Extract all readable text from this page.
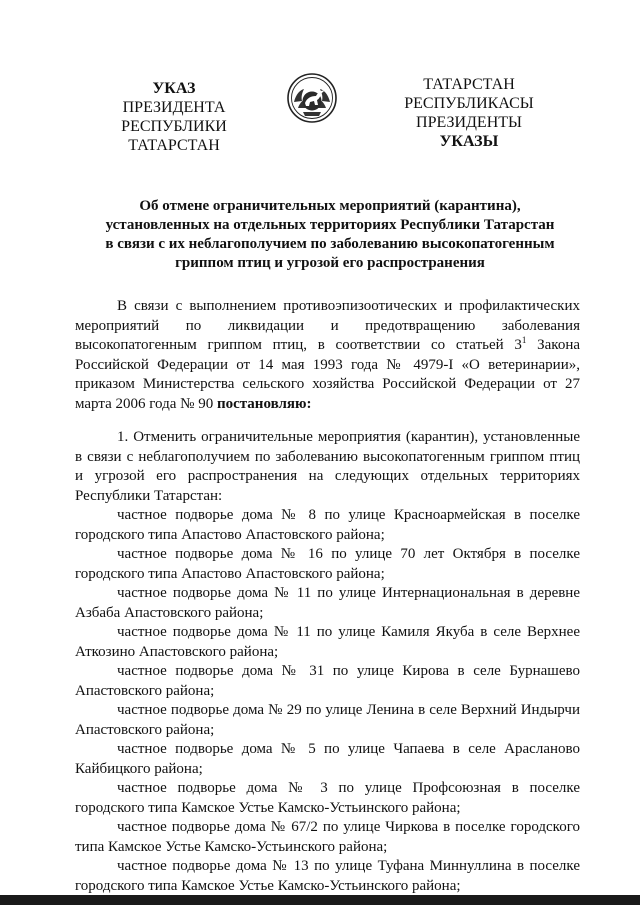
УКАЗ
ПРЕЗИДЕНТА
РЕСПУБЛИКИ ТАТАРСТАН
ТАТАРСТАН РЕСПУБЛИКАСЫ
ПРЕЗИДЕНТЫ
УКАЗЫ
Об отмене ограничительных мероприятий (карантина),
установленных на отдельных территориях Республики Татарстан
в связи с их неблагополучием по заболеванию высокопатогенным
гриппом птиц и угрозой его распространения

В связи с выполнением противоэпизоотических и профилактических мероприятий по ликвидации и предотвращению заболевания высокопатогенным гриппом птиц, в соответствии со статьей $3^1$ Закона Российской Федерации от 14 мая 1993 года № 4979-I «О ветеринарии», приказом Министерства сельского хозяйства Российской Федерации от 27 марта 2006 года № 90 постановляю:

1. Отменить ограничительные мероприятия (карантин), установленные в связи с неблагополучием по заболеванию высокопатогенным гриппом птиц и угрозой его распространения на следующих отдельных территориях Республики Татарстан:

частное подворье дома № 8 по улице Красноармейская в поселке городского типа Апастово Апастовского района;
частное подворье дома № 16 по улице 70 лет Октября в поселке городского типа Апастово Апастовского района;
частное подворье дома № 11 по улице Интернациональная в деревне Азбаба Апастовского района;
частное подворье дома № 11 по улице Камиля Якуба в селе Верхнее Аткозино Апастовского района;
частное подворье дома № 31 по улице Кирова в селе Бурнашево Апастовского района;
частное подворье дома № 29 по улице Ленина в селе Верхний Индырчи Апастовского района;
частное подворье дома № 5 по улице Чапаева в селе Арасланово Кайбицкого района;
частное подворье дома № 3 по улице Профсоюзная в поселке городского типа Камское Устье Камско-Устьинского района;
частное подворье дома № 67/2 по улице Чиркова в поселке городского типа Камское Устье Камско-Устьинского района;
частное подворье дома № 13 по улице Туфана Миннуллина в поселке городского типа Камское Устье Камско-Устьинского района;
